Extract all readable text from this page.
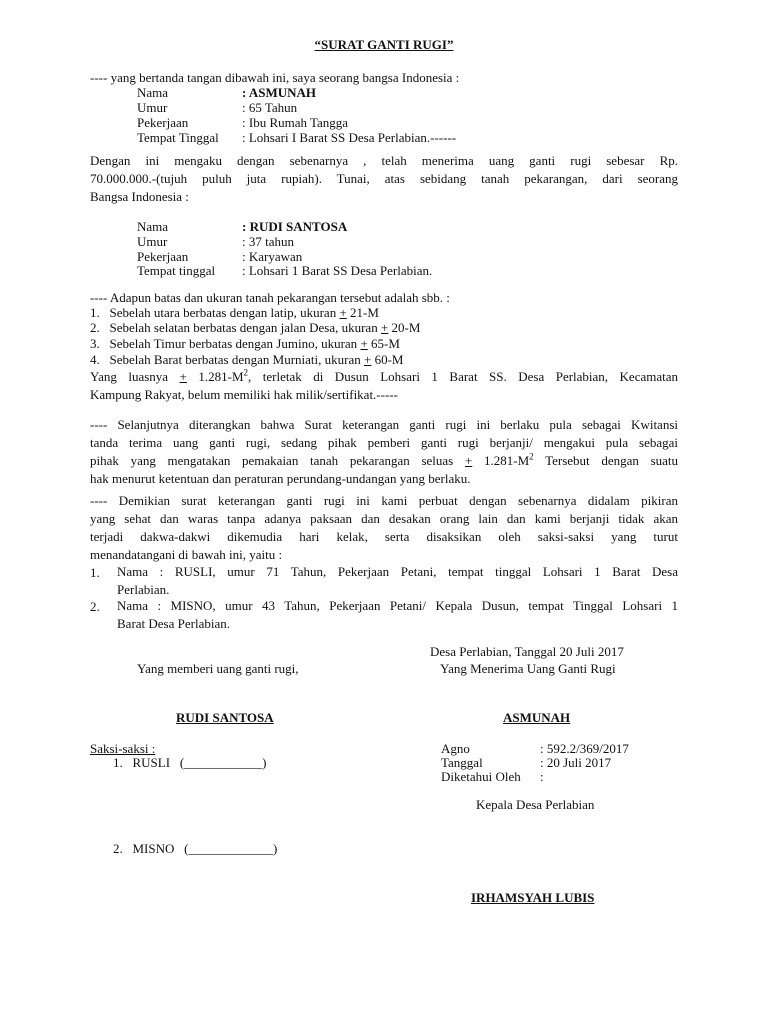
“SURAT GANTI RUGI”
---- yang bertanda tangan dibawah ini, saya seorang bangsa Indonesia :
Nama	: ASMUNAH
Umur	: 65 Tahun
Pekerjaan	: Ibu Rumah Tangga
Tempat Tinggal : Lohsari I Barat SS Desa Perlabian.------
Dengan ini mengaku dengan sebenarnya , telah menerima uang ganti rugi sebesar Rp.
70.000.000.-(tujuh puluh juta rupiah). Tunai, atas sebidang tanah pekarangan, dari seorang
Bangsa Indonesia :
Nama	: RUDI SANTOSA
Umur	: 37 tahun
Pekerjaan	: Karyawan
Tempat tinggal : Lohsari 1 Barat SS Desa Perlabian.
---- Adapun batas dan ukuran tanah pekarangan tersebut adalah sbb. :
1. Sebelah utara berbatas dengan latip, ukuran + 21-M
2. Sebelah selatan berbatas dengan jalan Desa, ukuran + 20-M
3. Sebelah Timur berbatas dengan Jumino, ukuran + 65-M
4. Sebelah Barat berbatas dengan Murniati, ukuran + 60-M
Yang luasnya + $1.281-M^2$, terletak di Dusun Lohsari 1 Barat SS. Desa Perlabian, Kecamatan
Kampung Rakyat, belum memiliki hak milik/sertifikat.-----
---- Selanjutnya diterangkan bahwa Surat keterangan ganti rugi ini berlaku pula sebagai Kwitansi
tanda terima uang ganti rugi, sedang pihak pemberi ganti rugi berjanji/ mengakui pula sebagai
pihak yang mengatakan pemakaian tanah pekarangan seluas + $1.281-M^2$ Tersebut dengan suatu
hak menurut ketentuan dan peraturan perundang-undangan yang berlaku.
---- Demikian surat keterangan ganti rugi ini kami perbuat dengan sebenarnya didalam pikiran
yang sehat dan waras tanpa adanya paksaan dan desakan orang lain dan kami berjanji tidak akan
terjadi dakwa-dakwi dikemudia hari kelak, serta disaksikan oleh saksi-saksi yang turut
menandatangani di bawah ini, yaitu :
1. Nama : RUSLI, umur 71 Tahun, Pekerjaan Petani, tempat tinggal Lohsari 1 Barat Desa
Perlabian.
2. Nama : MISNO, umur 43 Tahun, Pekerjaan Petani/ Kepala Dusun, tempat Tinggal Lohsari 1
Barat Desa Perlabian.
Desa Perlabian, Tanggal 20 Juli 2017
Yang memberi uang ganti rugi,	Yang Menerima Uang Ganti Rugi
RUDI SANTOSA	ASMUNAH
Saksi-saksi :
1. RUSLI (____________)
Agno	: 592.2/369/2017
Tanggal	: 20 Juli 2017
Diketahui Oleh :
Kepala Desa Perlabian
2. MISNO (_____________)
IRHAMSYAH LUBIS
